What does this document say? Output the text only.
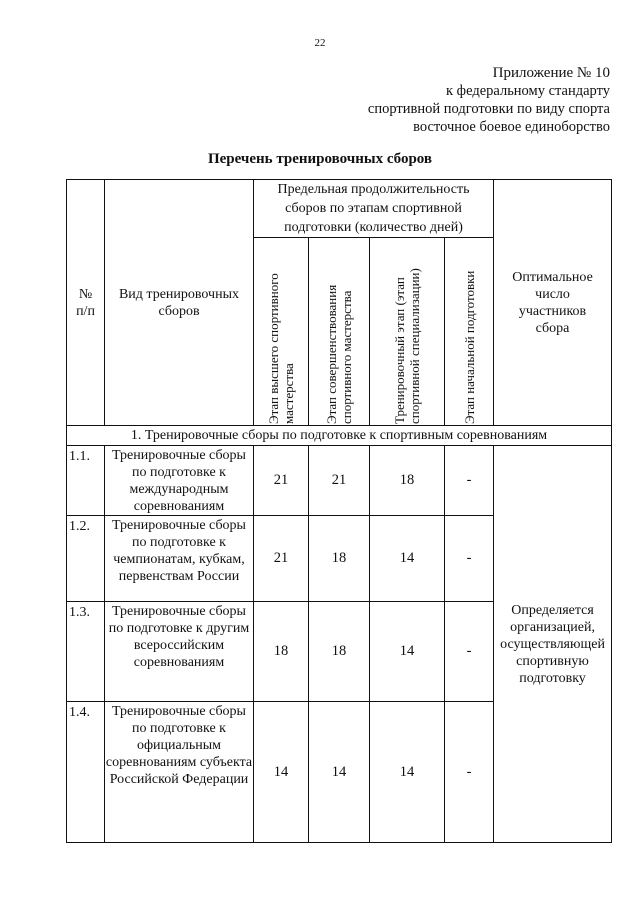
22
Приложение № 10
к федеральному стандарту
спортивной подготовки по виду спорта
восточное боевое единоборство
Перечень тренировочных сборов
№ п/п	Вид тренировочных сборов	Предельная продолжительность сборов по этапам спортивной подготовки (количество дней)				Оптимальное число участников сбора

		Этап высшего спортивного мастерства	Этап совершенствования спортивного мастерства	Тренировочный этап (этап спортивной специализации)	Этап начальной подготовки	

1. Тренировочные сборы по подготовке к спортивным соревнованиям						
1.1.	Тренировочные сборы по подготовке к международным соревнованиям	21	21	18	-	Определяется организацией, осуществляющей спортивную подготовку
1.2.	Тренировочные сборы по подготовке к чемпионатам, кубкам, первенствам России	21	18	14	-	
1.3.	Тренировочные сборы по подготовке к другим всероссийским соревнованиям	18	18	14	-	
1.4.	Тренировочные сборы по подготовке к официальным соревнованиям субъекта Российской Федерации	14	14	14	-	
